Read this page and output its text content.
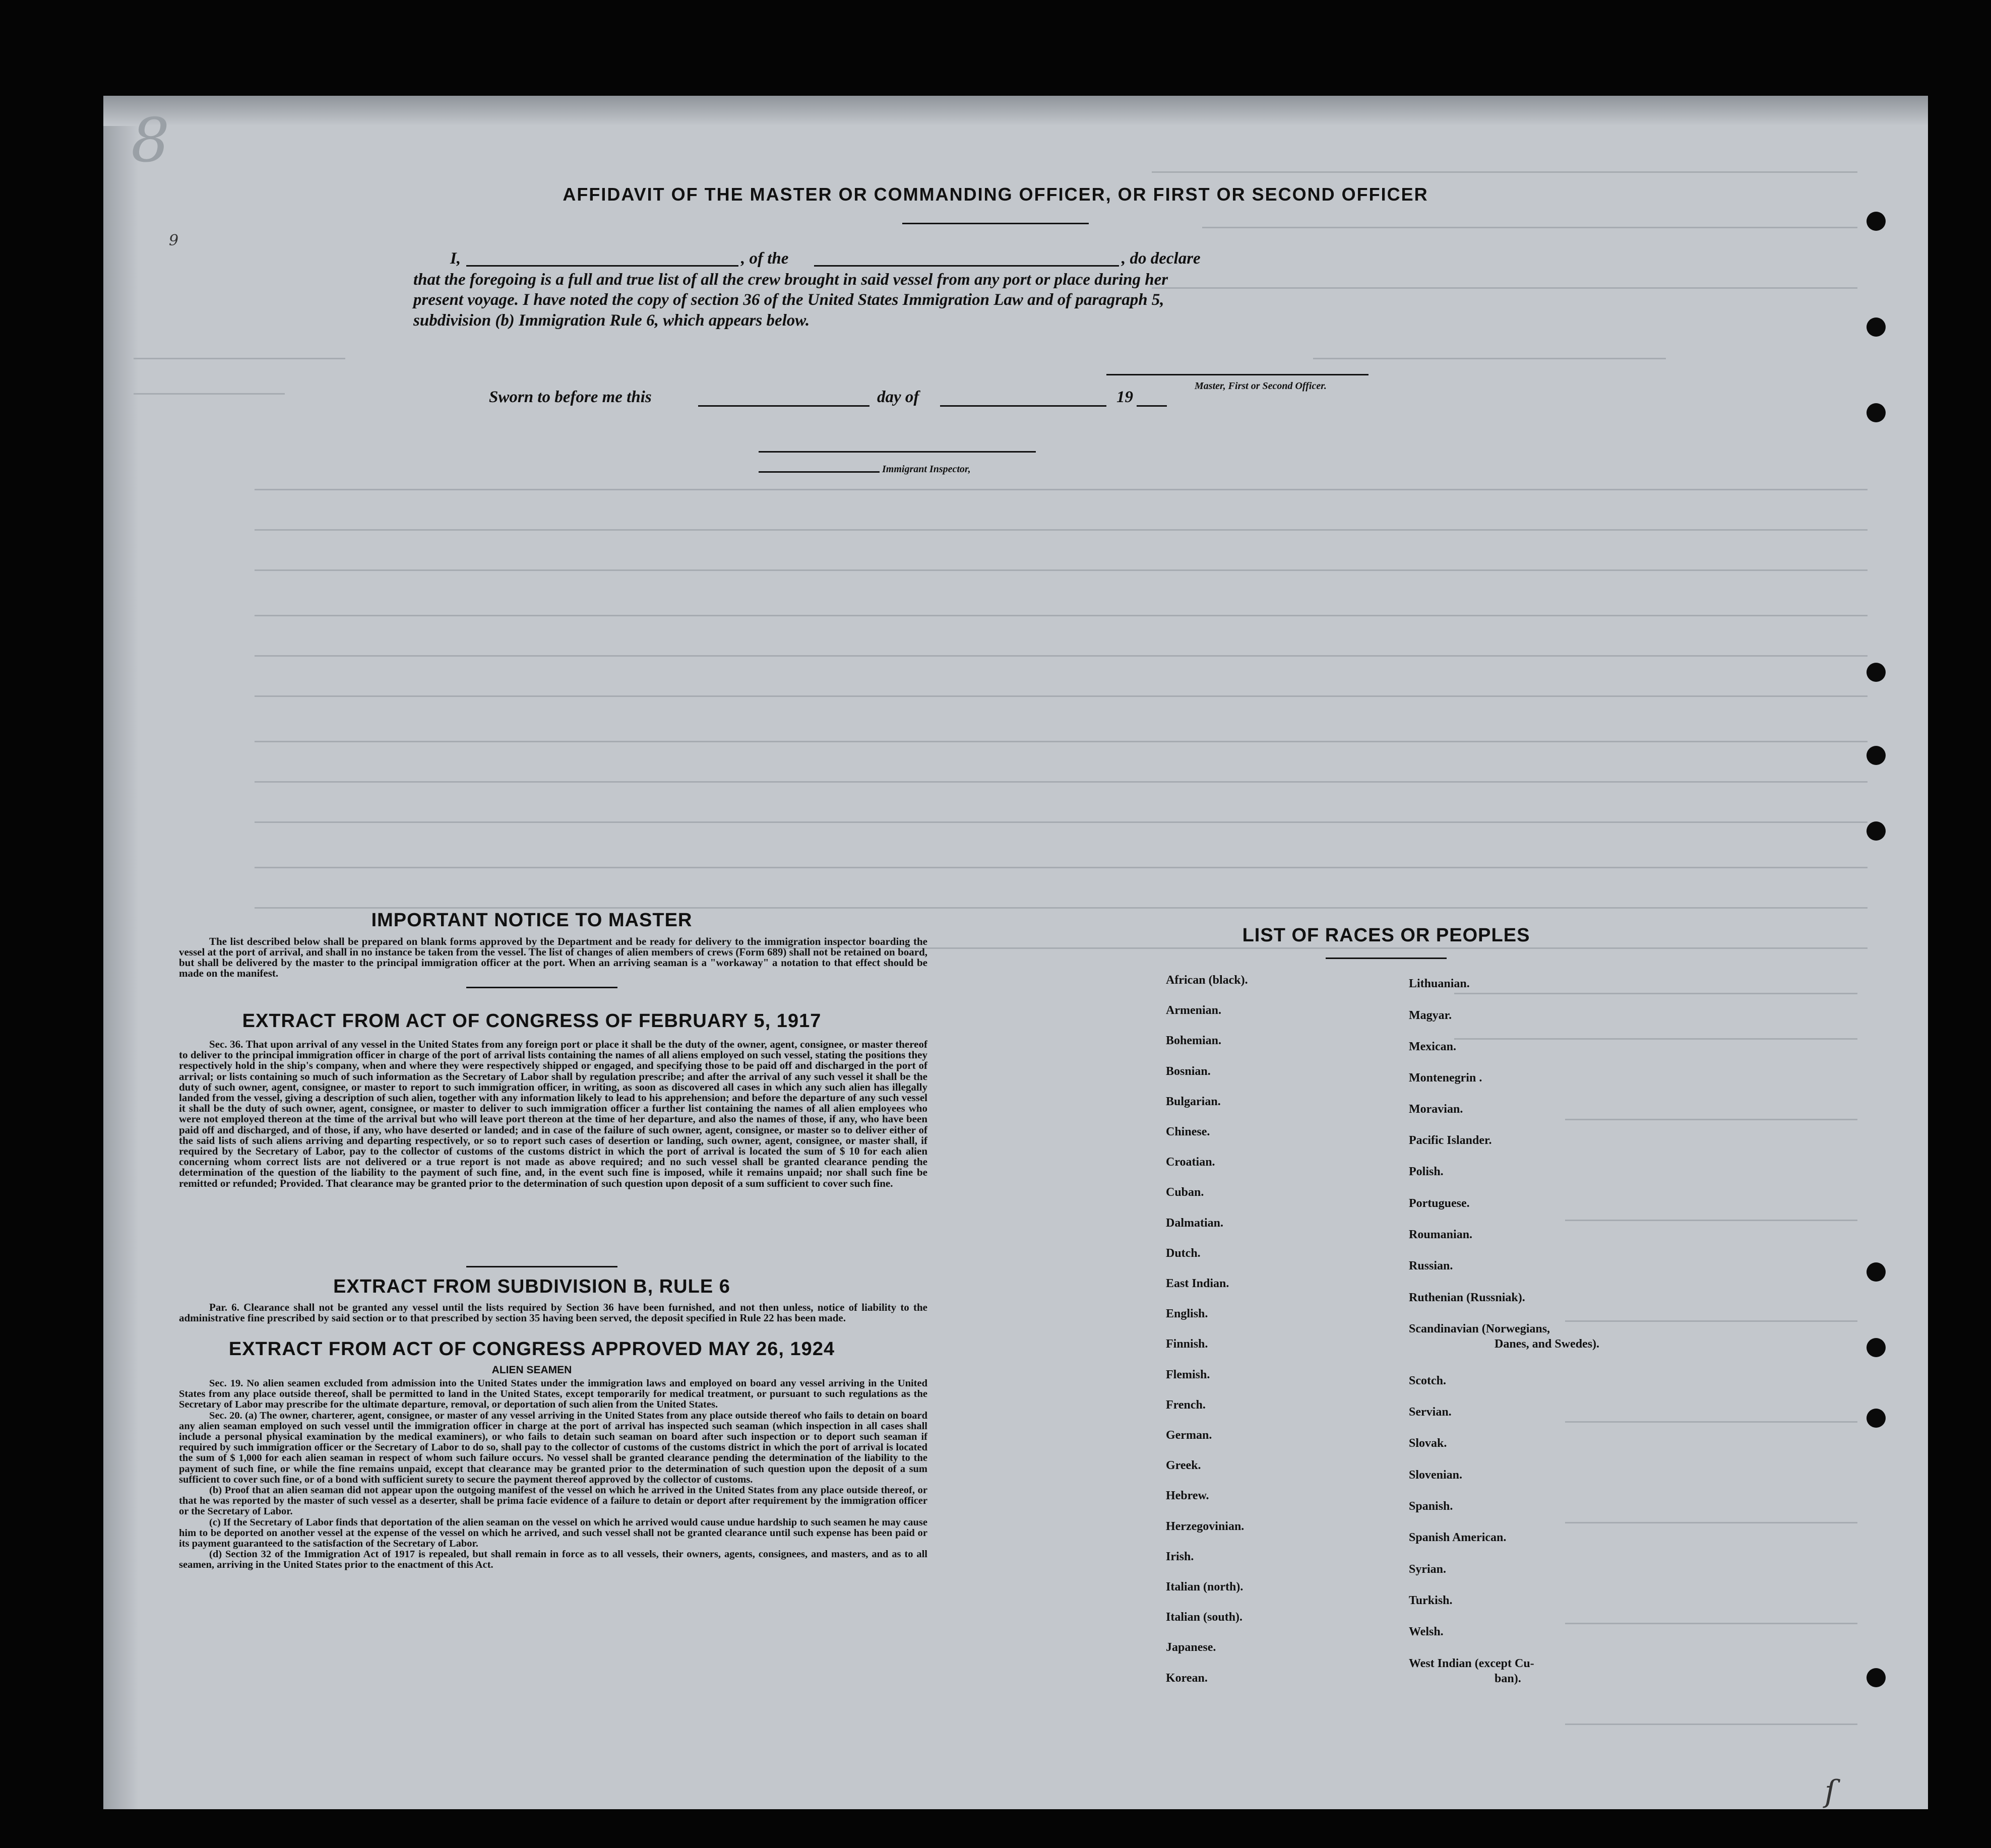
8
9
ſ
AFFIDAVIT OF THE MASTER OR COMMANDING OFFICER, OR FIRST OR SECOND OFFICER
I,	, of the	, do declare
that the foregoing is a full and true list of all the crew brought in said vessel from any port or place during her
present voyage. I have noted the copy of section 36 of the United States Immigration Law and of paragraph 5,
subdivision (b) Immigration Rule 6, which appears below.
Master, First or Second Officer.
Sworn to before me this	day of	19
Immigrant Inspector,
IMPORTANT NOTICE TO MASTER

The list described below shall be prepared on blank forms approved by the Department and be ready for delivery to the immigration inspector boarding the vessel at the port of arrival, and shall in no instance be taken from the vessel. The list of changes of alien members of crews (Form 689) shall not be retained on board, but shall be delivered by the master to the principal immigration officer at the port. When an arriving seaman is a "workaway" a notation to that effect should be made on the manifest.

EXTRACT FROM ACT OF CONGRESS OF FEBRUARY 5, 1917

Sec. 36. That upon arrival of any vessel in the United States from any foreign port or place it shall be the duty of the owner, agent, consignee, or master thereof to deliver to the principal immigration officer in charge of the port of arrival lists containing the names of all aliens employed on such vessel, stating the positions they respectively hold in the ship's company, when and where they were respectively shipped or engaged, and specifying those to be paid off and discharged in the port of arrival; or lists containing so much of such information as the Secretary of Labor shall by regulation prescribe; and after the arrival of any such vessel it shall be the duty of such owner, agent, consignee, or master to report to such immigration officer, in writing, as soon as discovered all cases in which any such alien has illegally landed from the vessel, giving a description of such alien, together with any information likely to lead to his apprehension; and before the departure of any such vessel it shall be the duty of such owner, agent, consignee, or master to deliver to such immigration officer a further list containing the names of all alien employees who were not employed thereon at the time of the arrival but who will leave port thereon at the time of her departure, and also the names of those, if any, who have been paid off and discharged, and of those, if any, who have deserted or landed; and in case of the failure of such owner, agent, consignee, or master so to deliver either of the said lists of such aliens arriving and departing respectively, or so to report such cases of desertion or landing, such owner, agent, consignee, or master shall, if required by the Secretary of Labor, pay to the collector of customs of the customs district in which the port of arrival is located the sum of $ 10 for each alien concerning whom correct lists are not delivered or a true report is not made as above required; and no such vessel shall be granted clearance pending the determination of the question of the liability to the payment of such fine, and, in the event such fine is imposed, while it remains unpaid; nor shall such fine be remitted or refunded; Provided. That clearance may be granted prior to the determination of such question upon deposit of a sum sufficient to cover such fine.

EXTRACT FROM SUBDIVISION B, RULE 6

Par. 6. Clearance shall not be granted any vessel until the lists required by Section 36 have been furnished, and not then unless, notice of liability to the administrative fine prescribed by said section or to that prescribed by section 35 having been served, the deposit specified in Rule 22 has been made.

EXTRACT FROM ACT OF CONGRESS APPROVED MAY 26, 1924
ALIEN SEAMEN

Sec. 19. No alien seamen excluded from admission into the United States under the immigration laws and employed on board any vessel arriving in the United States from any place outside thereof, shall be permitted to land in the United States, except temporarily for medical treatment, or pursuant to such regulations as the Secretary of Labor may prescribe for the ultimate departure, removal, or deportation of such alien from the United States.

Sec. 20. (a) The owner, charterer, agent, consignee, or master of any vessel arriving in the United States from any place outside thereof who fails to detain on board any alien seaman employed on such vessel until the immigration officer in charge at the port of arrival has inspected such seaman (which inspection in all cases shall include a personal physical examination by the medical examiners), or who fails to detain such seaman on board after such inspection or to deport such seaman if required by such immigration officer or the Secretary of Labor to do so, shall pay to the collector of customs of the customs district in which the port of arrival is located the sum of $ 1,000 for each alien seaman in respect of whom such failure occurs. No vessel shall be granted clearance pending the determination of the liability to the payment of such fine, or while the fine remains unpaid, except that clearance may be granted prior to the determination of such question upon the deposit of a sum sufficient to cover such fine, or of a bond with sufficient surety to secure the payment thereof approved by the collector of customs.

(b) Proof that an alien seaman did not appear upon the outgoing manifest of the vessel on which he arrived in the United States from any place outside thereof, or that he was reported by the master of such vessel as a deserter, shall be prima facie evidence of a failure to detain or deport after requirement by the immigration officer or the Secretary of Labor.

(c) If the Secretary of Labor finds that deportation of the alien seaman on the vessel on which he arrived would cause undue hardship to such seamen he may cause him to be deported on another vessel at the expense of the vessel on which he arrived, and such vessel shall not be granted clearance until such expense has been paid or its payment guaranteed to the satisfaction of the Secretary of Labor.

(d) Section 32 of the Immigration Act of 1917 is repealed, but shall remain in force as to all vessels, their owners, agents, consignees, and masters, and as to all seamen, arriving in the United States prior to the enactment of this Act.

LIST OF RACES OR PEOPLES
African (black).
Armenian.
Bohemian.
Bosnian.
Bulgarian.
Chinese.
Croatian.
Cuban.
Dalmatian.
Dutch.
East Indian.
English.
Finnish.
Flemish.
French.
German.
Greek.
Hebrew.
Herzegovinian.
Irish.
Italian (north).
Italian (south).
Japanese.
Korean.
Lithuanian.
Magyar.
Mexican.
Montenegrin .
Moravian.
Pacific Islander.
Polish.
Portuguese.
Roumanian.
Russian.
Ruthenian (Russniak).
Scandinavian (Norwegians,
Danes, and Swedes).
Scotch.
Servian.
Slovak.
Slovenian.
Spanish.
Spanish American.
Syrian.
Turkish.
Welsh.
West Indian (except Cu-
ban).
